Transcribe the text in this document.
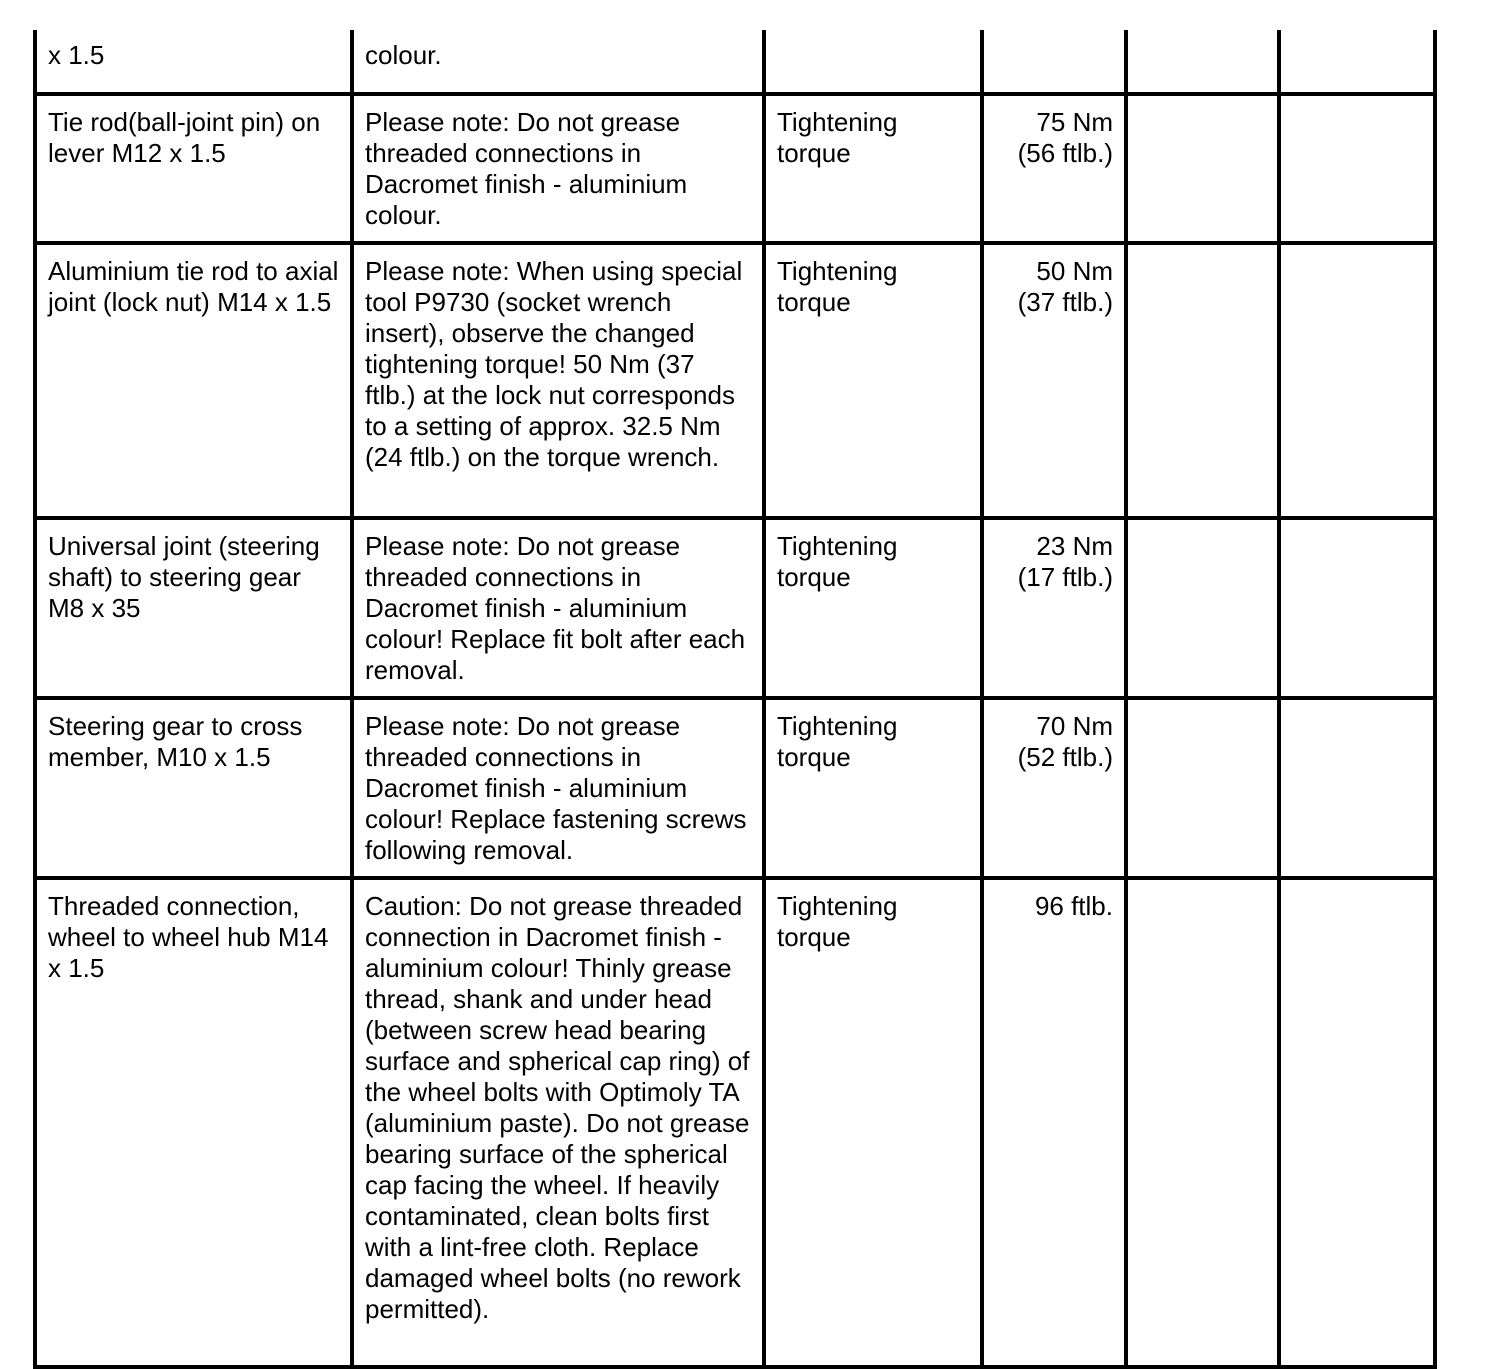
x 1.5	colour.				

Tie rod(ball-joint pin) on lever M12 x 1.5	Please note: Do not grease threaded connections in Dacromet finish - aluminium colour.	Tightening torque	75 Nm
(56 ftlb.)		

Aluminium tie rod to axial joint (lock nut) M14 x 1.5	Please note: When using special tool P9730 (socket wrench insert), observe the changed tightening torque! 50 Nm (37 ftlb.) at the lock nut corresponds to a setting of approx. 32.5 Nm (24 ftlb.) on the torque wrench.	Tightening torque	50 Nm
(37 ftlb.)		

Universal joint (steering shaft) to steering gear M8 x 35	Please note: Do not grease threaded connections in Dacromet finish - aluminium colour! Replace fit bolt after each removal.	Tightening torque	23 Nm
(17 ftlb.)		

Steering gear to cross member, M10 x 1.5	Please note: Do not grease threaded connections in Dacromet finish - aluminium colour! Replace fastening screws following removal.	Tightening torque	70 Nm
(52 ftlb.)		

Threaded connection, wheel to wheel hub M14 x 1.5	Caution: Do not grease threaded connection in Dacromet finish - aluminium colour! Thinly grease thread, shank and under head (between screw head bearing surface and spherical cap ring) of the wheel bolts with Optimoly TA (aluminium paste). Do not grease bearing surface of the spherical cap facing the wheel. If heavily contaminated, clean bolts first with a lint-free cloth. Replace damaged wheel bolts (no rework permitted).	Tightening torque	96 ftlb.		
